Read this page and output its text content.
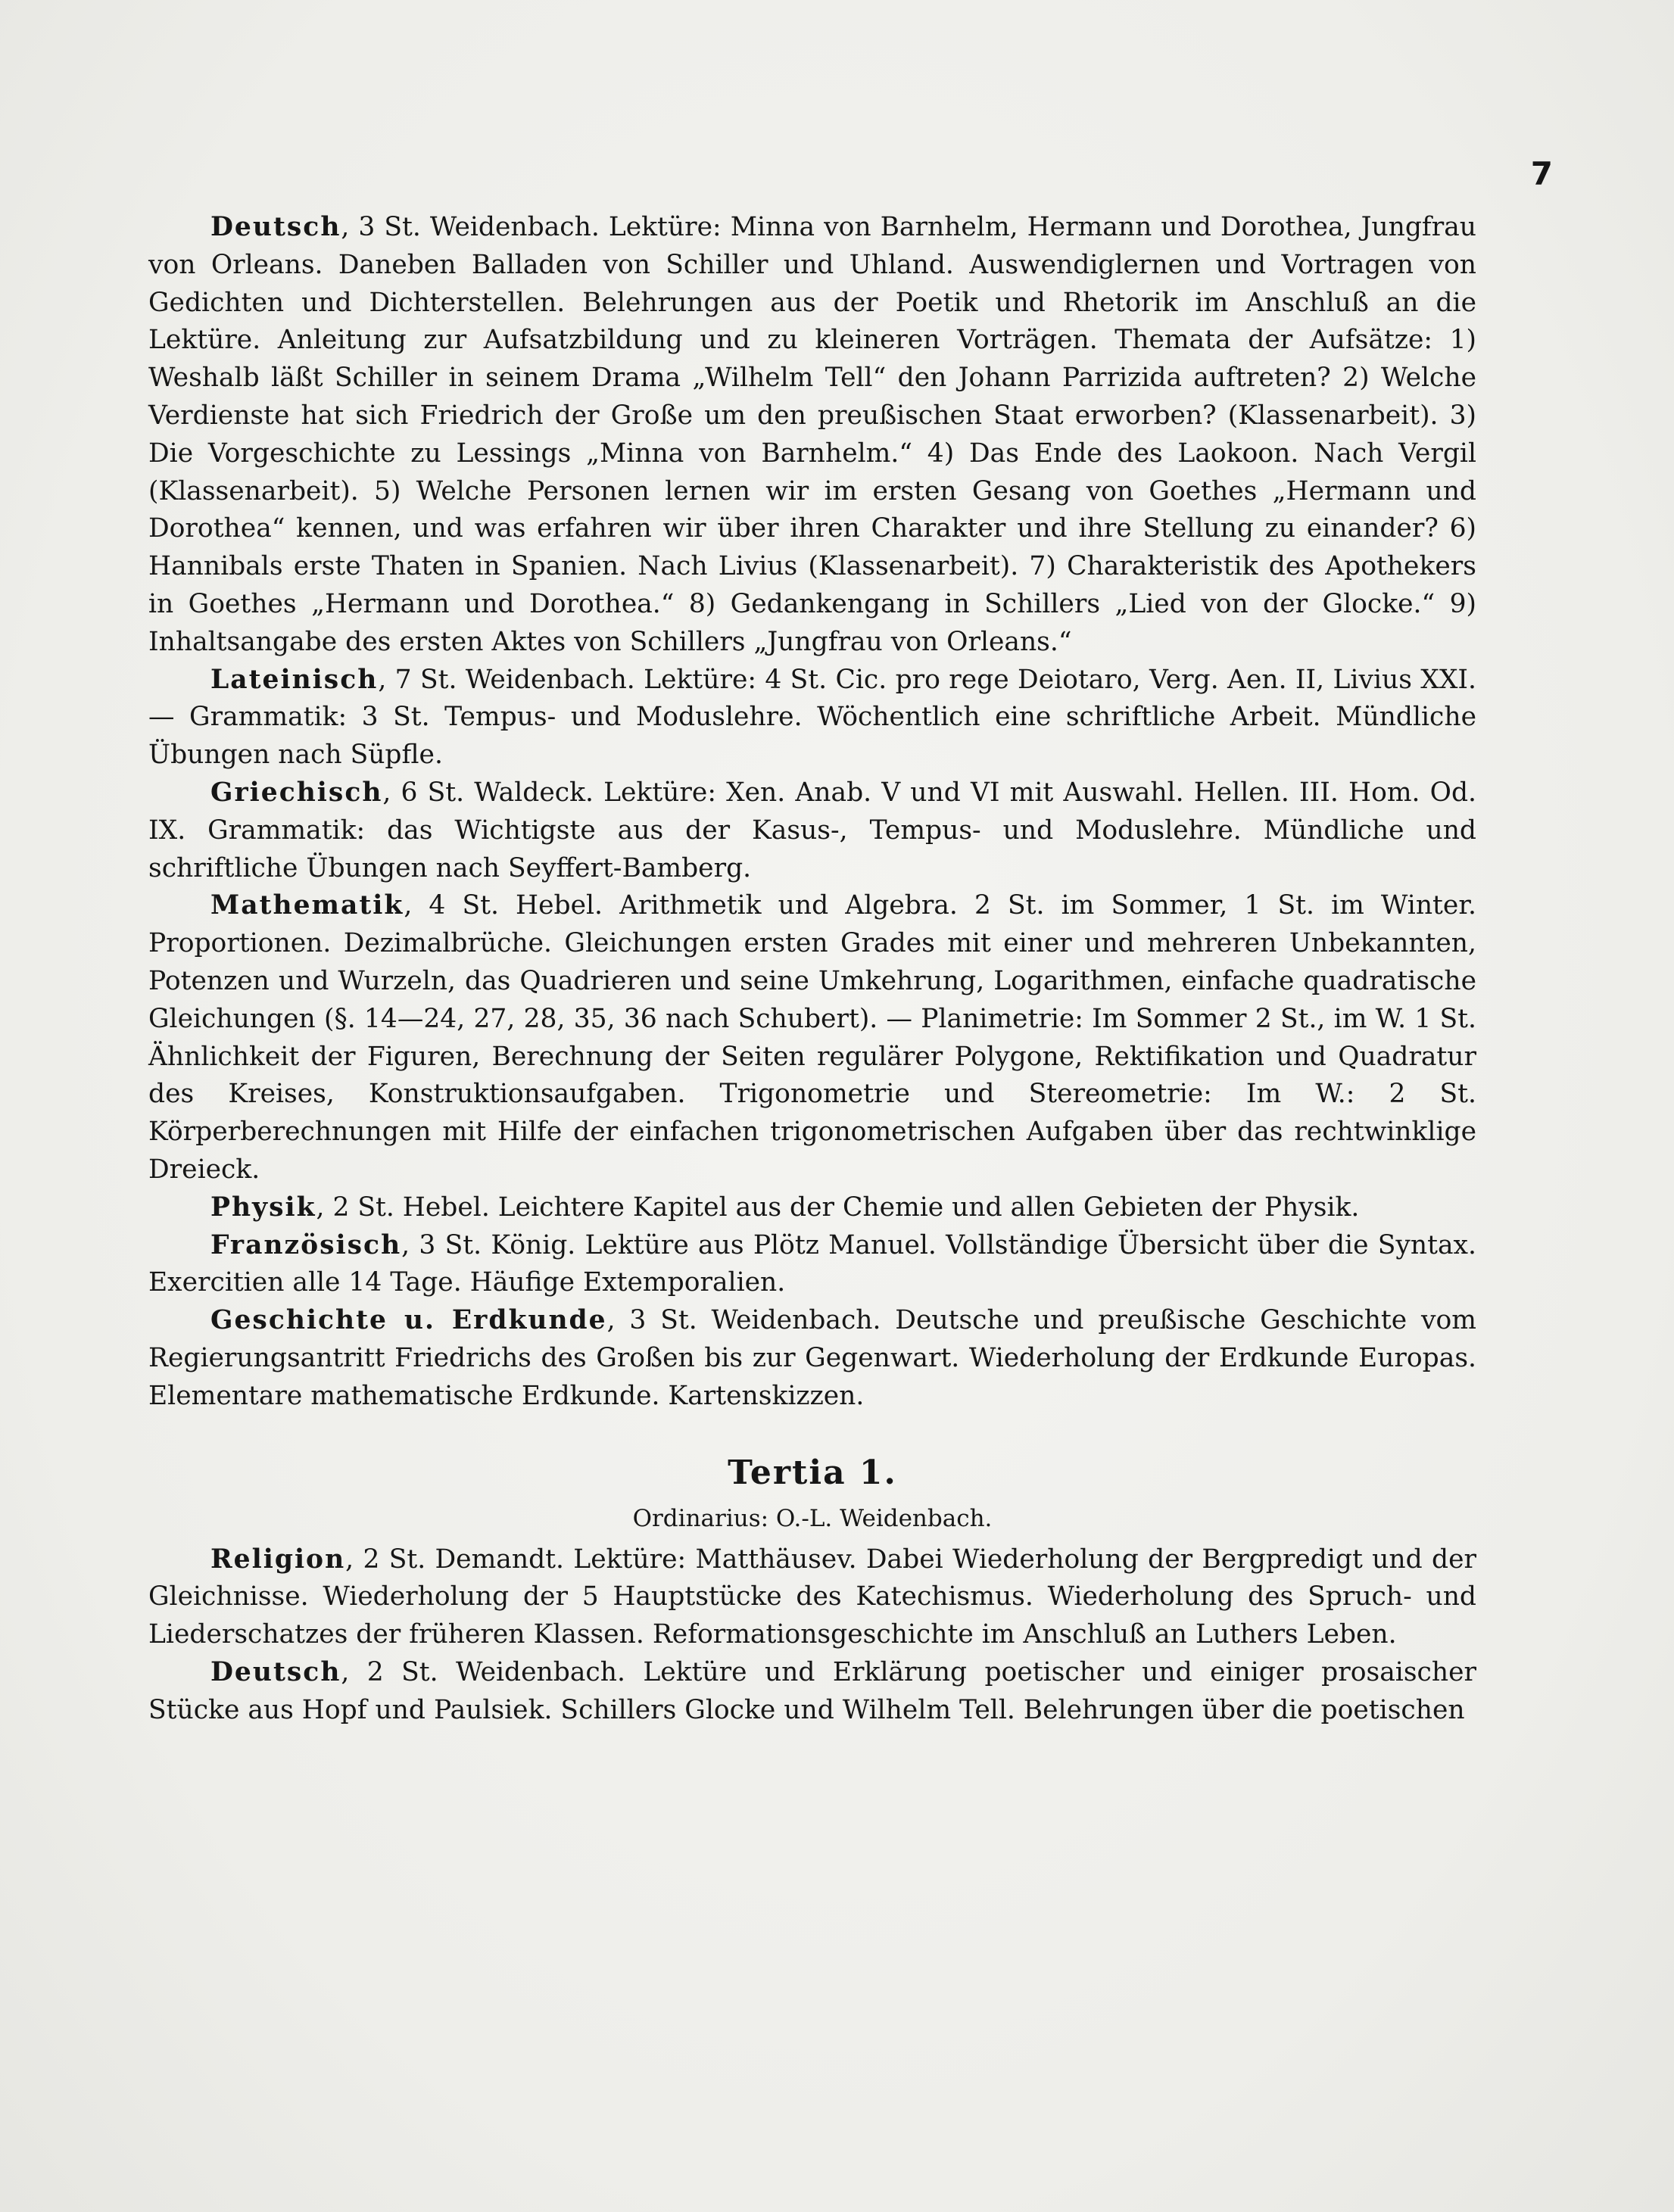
7

Deutsch, 3 St. Weidenbach. Lektüre: Minna von Barnhelm, Hermann und Dorothea, Jungfrau von Orleans. Daneben Balladen von Schiller und Uhland. Auswendiglernen und Vortragen von Gedichten und Dichterstellen. Belehrungen aus der Poetik und Rhetorik im Anschluß an die Lektüre. Anleitung zur Aufsatzbildung und zu kleineren Vorträgen. Themata der Aufsätze: 1) Weshalb läßt Schiller in seinem Drama „Wilhelm Tell“ den Johann Parrizida auftreten? 2) Welche Verdienste hat sich Friedrich der Große um den preußischen Staat erworben? (Klassenarbeit). 3) Die Vorgeschichte zu Lessings „Minna von Barnhelm.“ 4) Das Ende des Laokoon. Nach Vergil (Klassenarbeit). 5) Welche Personen lernen wir im ersten Gesang von Goethes „Hermann und Dorothea“ kennen, und was erfahren wir über ihren Charakter und ihre Stellung zu einander? 6) Hannibals erste Thaten in Spanien. Nach Livius (Klassenarbeit). 7) Charakteristik des Apothekers in Goethes „Hermann und Dorothea.“ 8) Gedankengang in Schillers „Lied von der Glocke.“ 9) Inhaltsangabe des ersten Aktes von Schillers „Jungfrau von Orleans.“

Lateinisch, 7 St. Weidenbach. Lektüre: 4 St. Cic. pro rege Deiotaro, Verg. Aen. II, Livius XXI. — Grammatik: 3 St. Tempus- und Moduslehre. Wöchentlich eine schriftliche Arbeit. Mündliche Übungen nach Süpfle.

Griechisch, 6 St. Waldeck. Lektüre: Xen. Anab. V und VI mit Auswahl. Hellen. III. Hom. Od. IX. Grammatik: das Wichtigste aus der Kasus-, Tempus- und Moduslehre. Mündliche und schriftliche Übungen nach Seyffert-Bamberg.

Mathematik, 4 St. Hebel. Arithmetik und Algebra. 2 St. im Sommer, 1 St. im Winter. Proportionen. Dezimalbrüche. Gleichungen ersten Grades mit einer und mehreren Unbekannten, Potenzen und Wurzeln, das Quadrieren und seine Umkehrung, Logarithmen, einfache quadratische Gleichungen (§. 14—24, 27, 28, 35, 36 nach Schubert). — Planimetrie: Im Sommer 2 St., im W. 1 St. Ähnlichkeit der Figuren, Berechnung der Seiten regulärer Polygone, Rektifikation und Quadratur des Kreises, Konstruktionsaufgaben. Trigonometrie und Stereometrie: Im W.: 2 St. Körperberechnungen mit Hilfe der einfachen trigonometrischen Aufgaben über das rechtwinklige Dreieck.

Physik, 2 St. Hebel. Leichtere Kapitel aus der Chemie und allen Gebieten der Physik.

Französisch, 3 St. König. Lektüre aus Plötz Manuel. Vollständige Übersicht über die Syntax. Exercitien alle 14 Tage. Häufige Extemporalien.

Geschichte u. Erdkunde, 3 St. Weidenbach. Deutsche und preußische Geschichte vom Regierungsantritt Friedrichs des Großen bis zur Gegenwart. Wiederholung der Erdkunde Europas. Elementare mathematische Erdkunde. Kartenskizzen.

Tertia 1.
Ordinarius: O.-L. Weidenbach.

Religion, 2 St. Demandt. Lektüre: Matthäusev. Dabei Wiederholung der Bergpredigt und der Gleichnisse. Wiederholung der 5 Hauptstücke des Katechismus. Wiederholung des Spruch- und Liederschatzes der früheren Klassen. Reformationsgeschichte im Anschluß an Luthers Leben.

Deutsch, 2 St. Weidenbach. Lektüre und Erklärung poetischer und einiger prosaischer Stücke aus Hopf und Paulsiek. Schillers Glocke und Wilhelm Tell. Belehrungen über die poetischen
